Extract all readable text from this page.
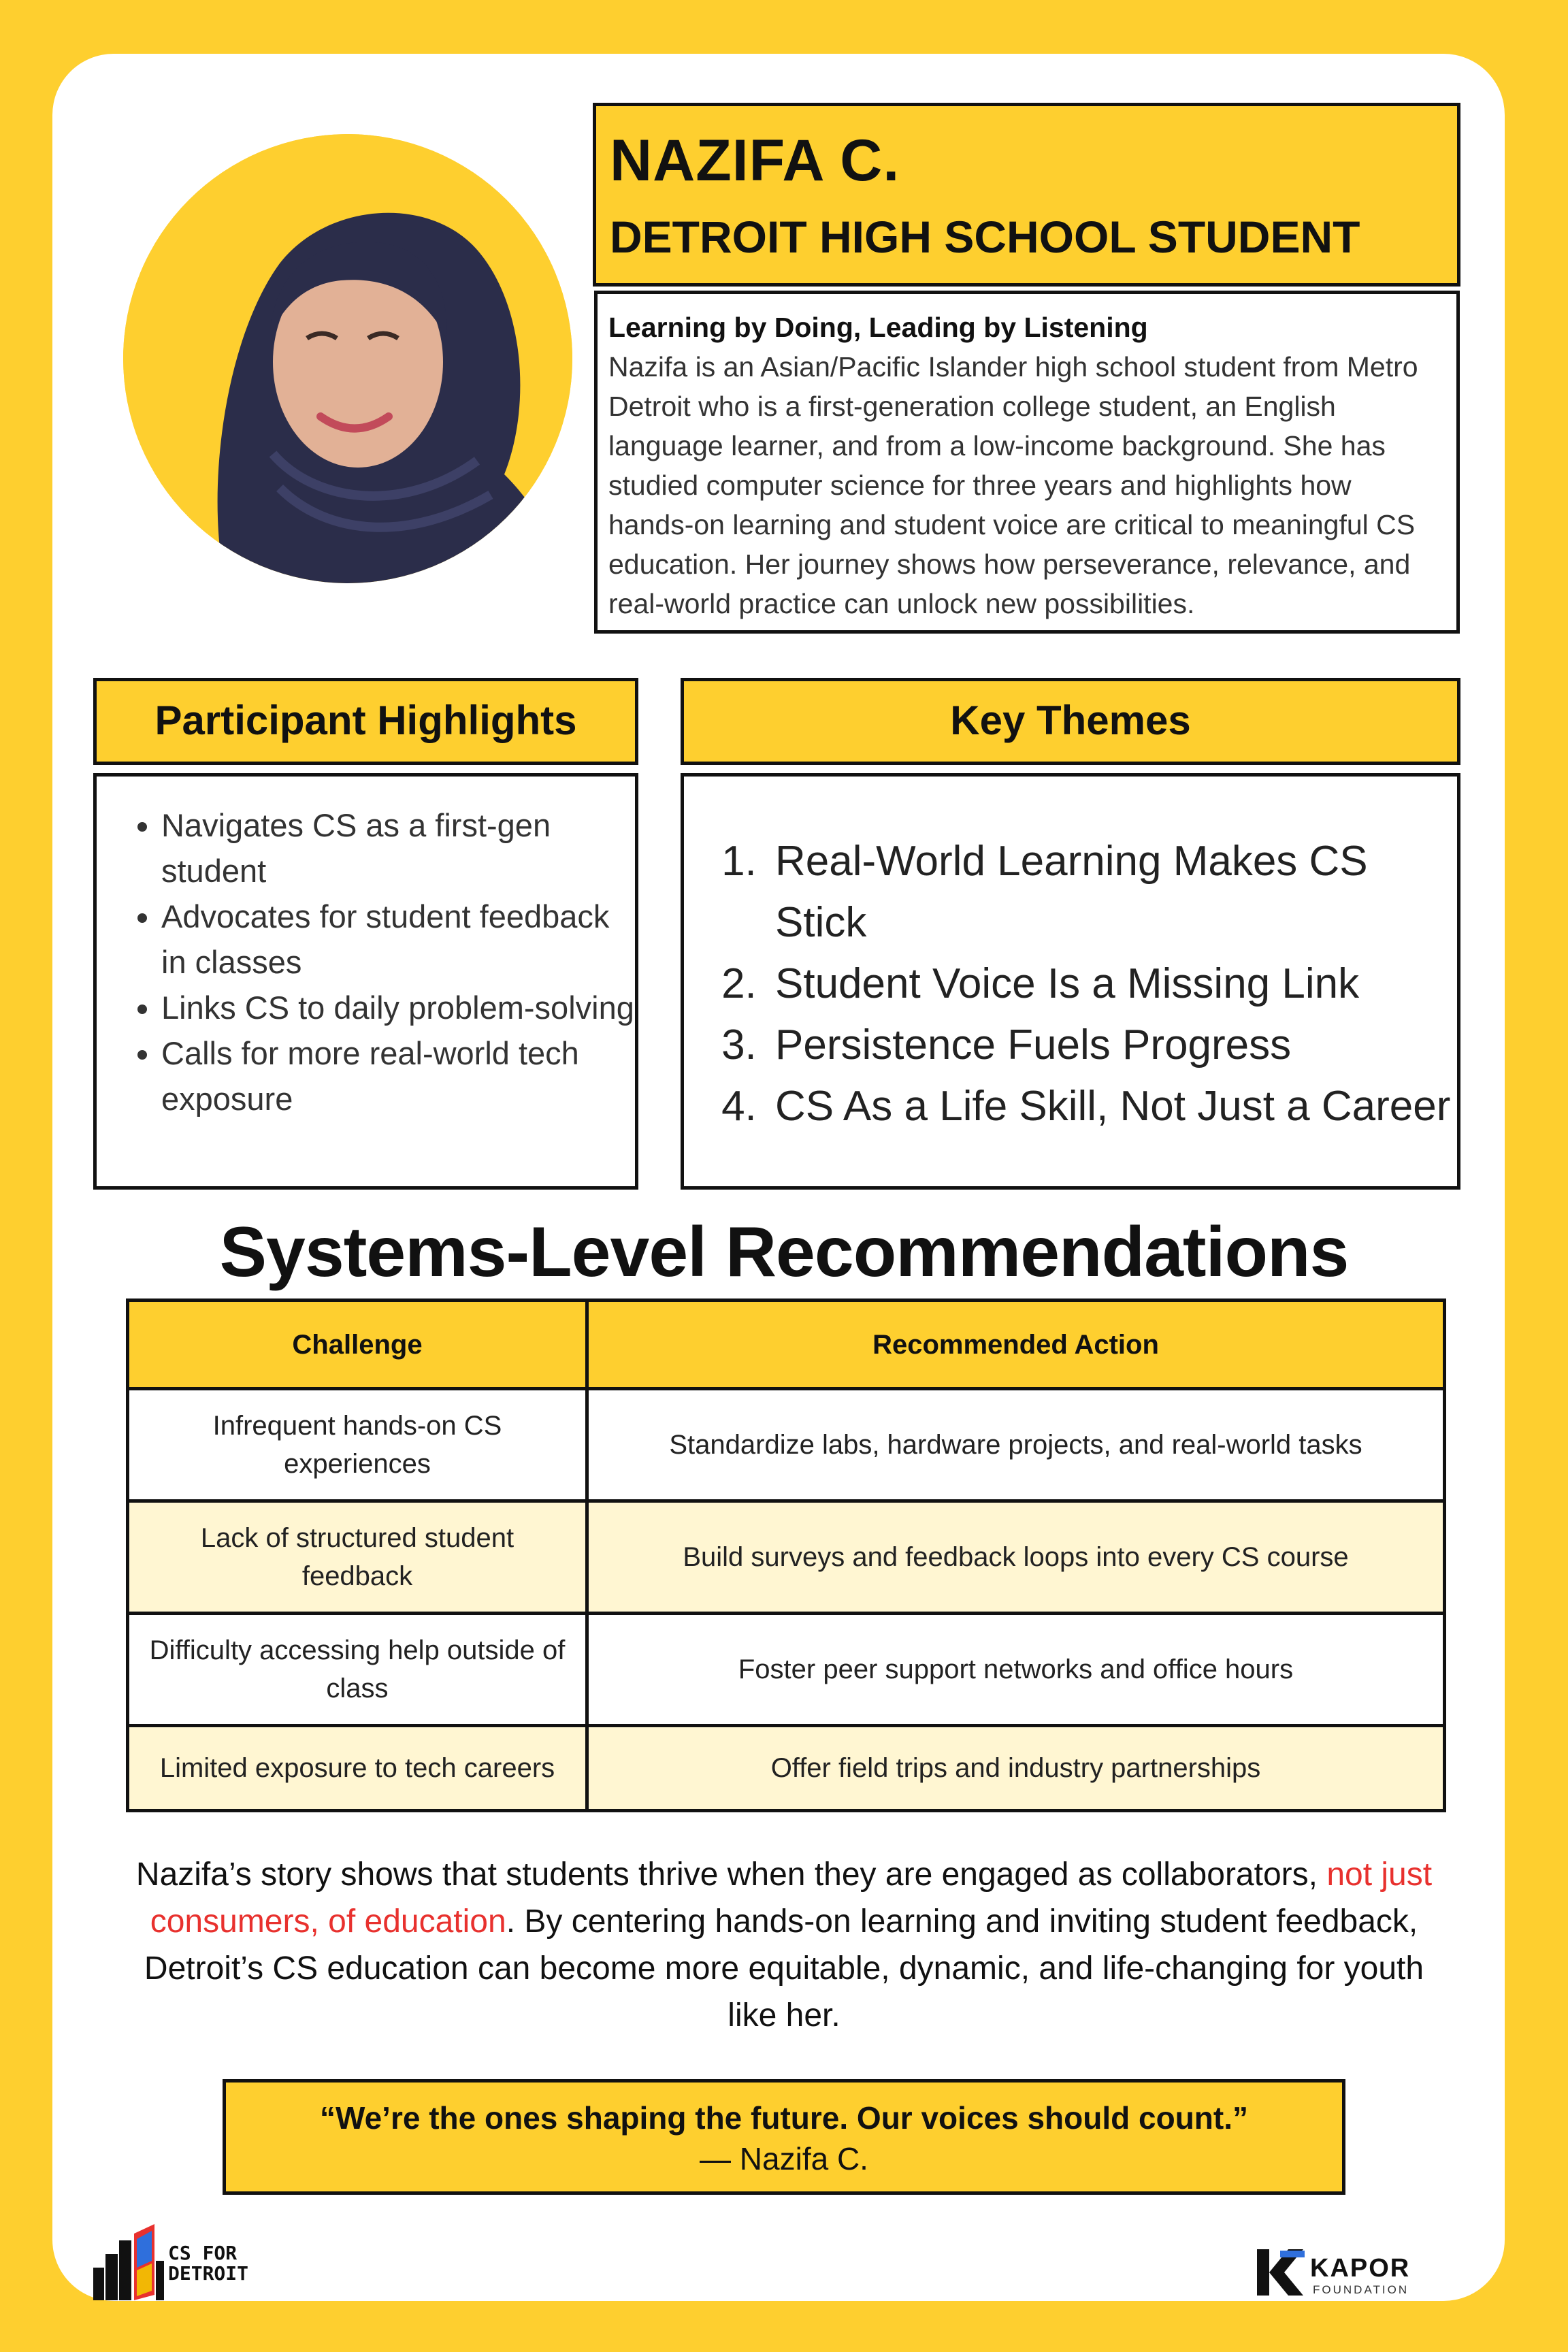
NAZIFA C.
DETROIT HIGH SCHOOL STUDENT
Learning by Doing, Leading by Listening
Nazifa is an Asian/Pacific Islander high school student from Metro Detroit who is a first-generation college student, an English language learner, and from a low-income background. She has studied computer science for three years and highlights how hands-on learning and student voice are critical to meaningful CS education. Her journey shows how perseverance, relevance, and real-world practice can unlock new possibilities.
Participant Highlights
• Navigates CS as a first-gen student
• Advocates for student feedback in classes
• Links CS to daily problem-solving
• Calls for more real-world tech exposure
Key Themes
1. Real-World Learning Makes CS Stick
2. Student Voice Is a Missing Link
3. Persistence Fuels Progress
4. CS As a Life Skill, Not Just a Career
Systems-Level Recommendations
Challenge	Recommended Action
Infrequent hands-on CS experiences	Standardize labs, hardware projects, and real-world tasks
Lack of structured student feedback	Build surveys and feedback loops into every CS course
Difficulty accessing help outside of class	Foster peer support networks and office hours
Limited exposure to tech careers	Offer field trips and industry partnerships
Nazifa’s story shows that students thrive when they are engaged as collaborators, not just consumers, of education. By centering hands-on learning and inviting student feedback, Detroit’s CS education can become more equitable, dynamic, and life-changing for youth like her.
“We’re the ones shaping the future. Our voices should count.”
— Nazifa C.
CS FOR
DETROIT	KAPOR
FOUNDATION
